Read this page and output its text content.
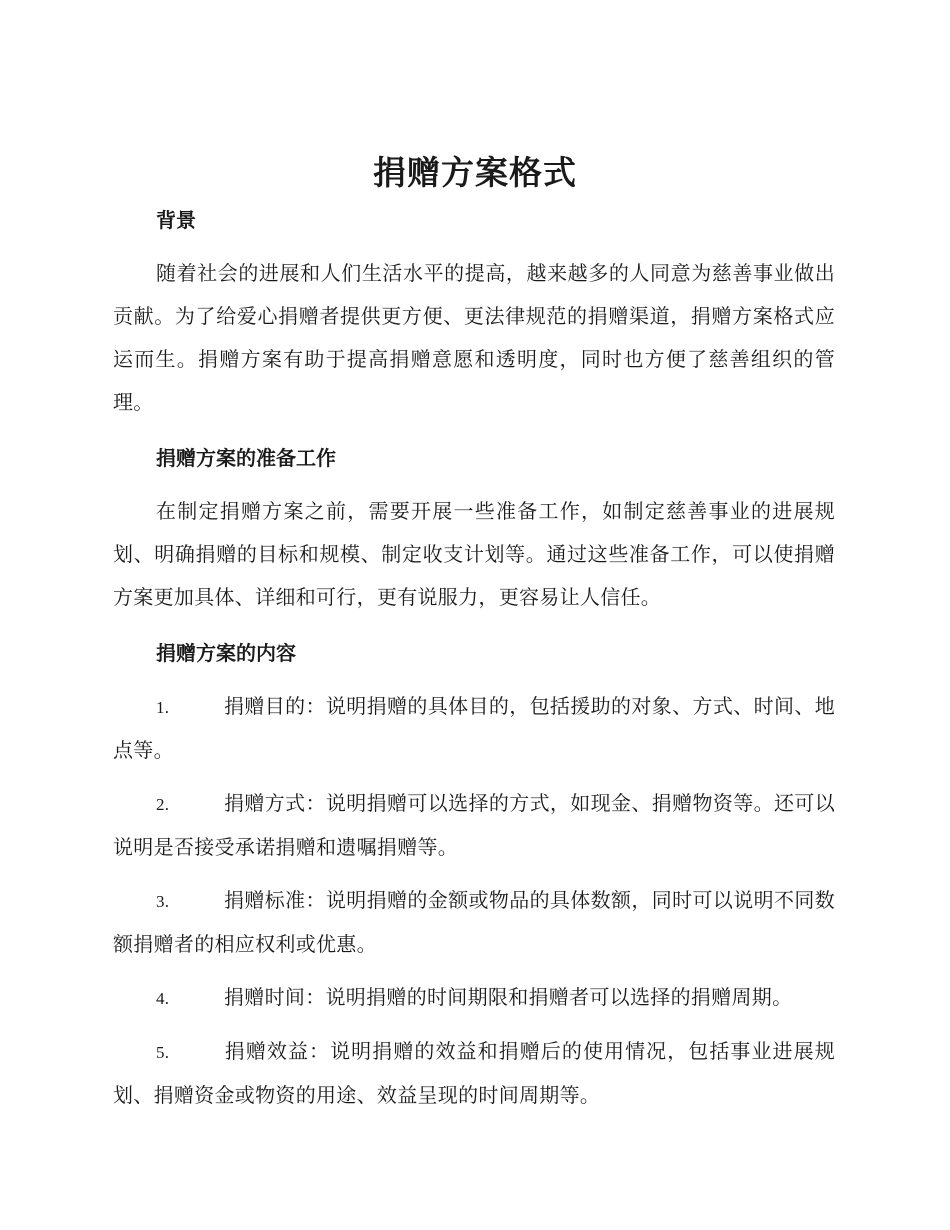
捐赠方案格式
背景

随着社会的进展和人们生活水平的提高，越来越多的人同意为慈善事业做出贡献。为了给爱心捐赠者提供更方便、更法律规范的捐赠渠道，捐赠方案格式应运而生。捐赠方案有助于提高捐赠意愿和透明度，同时也方便了慈善组织的管理。

捐赠方案的准备工作

在制定捐赠方案之前，需要开展一些准备工作，如制定慈善事业的进展规划、明确捐赠的目标和规模、制定收支计划等。通过这些准备工作，可以使捐赠方案更加具体、详细和可行，更有说服力，更容易让人信任。

捐赠方案的内容
1.	捐赠目的：说明捐赠的具体目的，包括援助的对象、方式、时间、地点等。
2.	捐赠方式：说明捐赠可以选择的方式，如现金、捐赠物资等。还可以说明是否接受承诺捐赠和遗嘱捐赠等。
3.	捐赠标准：说明捐赠的金额或物品的具体数额，同时可以说明不同数额捐赠者的相应权利或优惠。
4.	捐赠时间：说明捐赠的时间期限和捐赠者可以选择的捐赠周期。
5.	捐赠效益：说明捐赠的效益和捐赠后的使用情况，包括事业进展规划、捐赠资金或物资的用途、效益呈现的时间周期等。
